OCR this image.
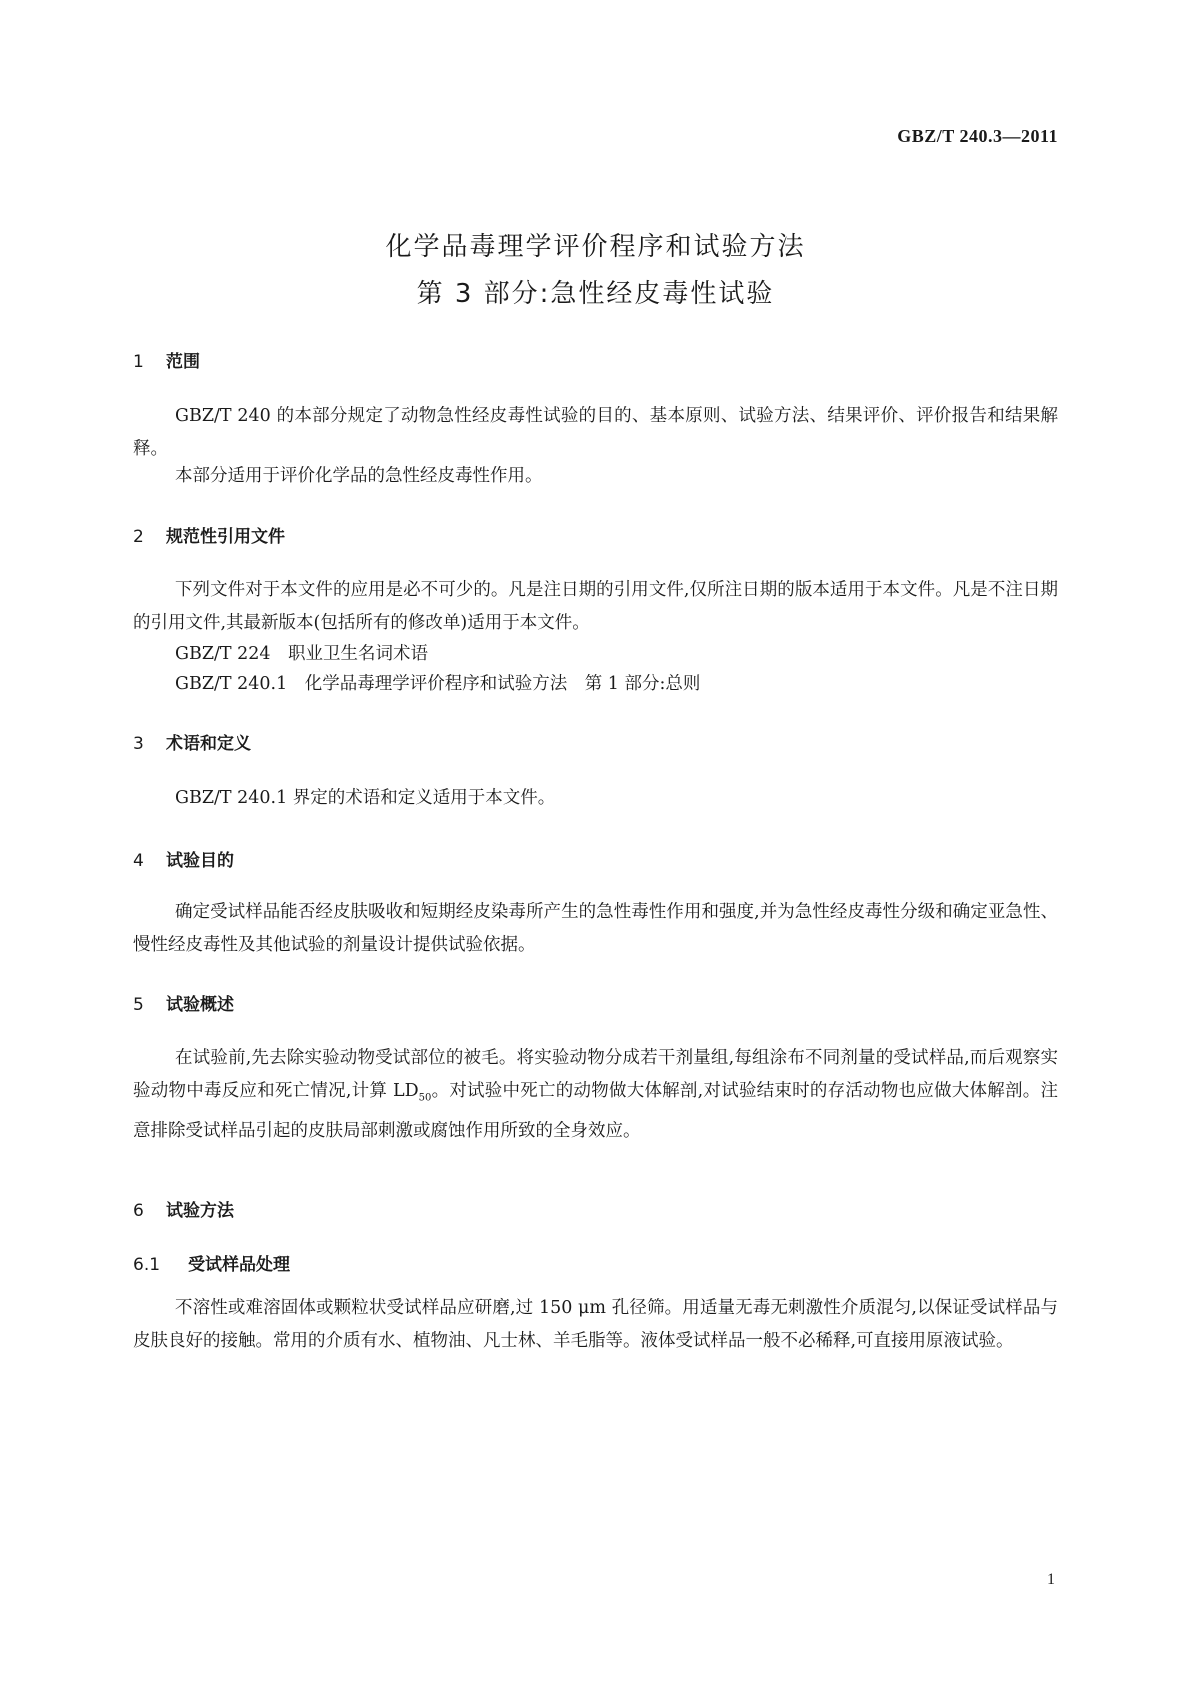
GBZ/T 240.3—2011
化学品毒理学评价程序和试验方法
第 3 部分:急性经皮毒性试验
1 范围
GBZ/T 240 的本部分规定了动物急性经皮毒性试验的目的、基本原则、试验方法、结果评价、评价报告和结果解释。
本部分适用于评价化学品的急性经皮毒性作用。
2 规范性引用文件
下列文件对于本文件的应用是必不可少的。凡是注日期的引用文件,仅所注日期的版本适用于本文件。凡是不注日期的引用文件,其最新版本(包括所有的修改单)适用于本文件。
GBZ/T 224　职业卫生名词术语
GBZ/T 240.1　化学品毒理学评价程序和试验方法　第 1 部分:总则
3 术语和定义
GBZ/T 240.1 界定的术语和定义适用于本文件。
4 试验目的
确定受试样品能否经皮肤吸收和短期经皮染毒所产生的急性毒性作用和强度,并为急性经皮毒性分级和确定亚急性、慢性经皮毒性及其他试验的剂量设计提供试验依据。
5 试验概述
在试验前,先去除实验动物受试部位的被毛。将实验动物分成若干剂量组,每组涂布不同剂量的受试样品,而后观察实验动物中毒反应和死亡情况,计算 $LD_{50}$。对试验中死亡的动物做大体解剖,对试验结束时的存活动物也应做大体解剖。注意排除受试样品引起的皮肤局部刺激或腐蚀作用所致的全身效应。
6 试验方法
6.1 受试样品处理
不溶性或难溶固体或颗粒状受试样品应研磨,过 150 μm 孔径筛。用适量无毒无刺激性介质混匀,以保证受试样品与皮肤良好的接触。常用的介质有水、植物油、凡士林、羊毛脂等。液体受试样品一般不必稀释,可直接用原液试验。
1
